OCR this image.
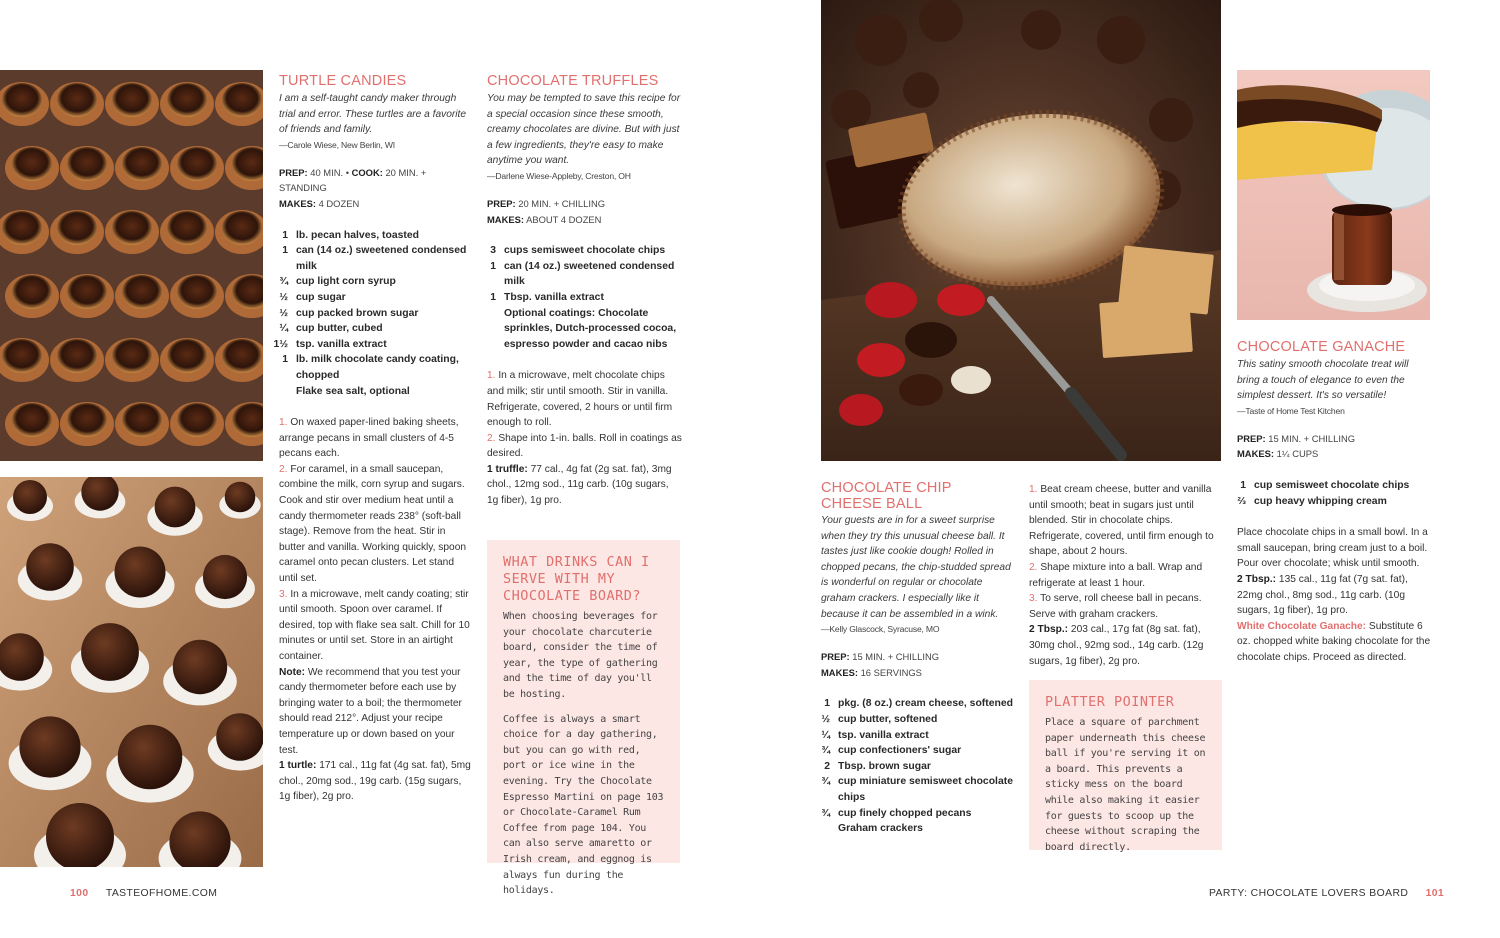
TURTLE CANDIES

I am a self-taught candy maker through trial and error. These turtles are a favorite of friends and family.

—Carole Wiese, New Berlin, WI

PREP: 40 MIN. • COOK: 20 MIN. + STANDING

MAKES: 4 DOZEN

1 lb. pecan halves, toasted
1 can (14 oz.) sweetened condensed milk
¾ cup light corn syrup
½ cup sugar
½ cup packed brown sugar
¼ cup butter, cubed
1½ tsp. vanilla extract
1 lb. milk chocolate candy coating, chopped
Flake sea salt, optional

1. On waxed paper-lined baking sheets, arrange pecans in small clusters of 4-5 pecans each.

2. For caramel, in a small saucepan, combine the milk, corn syrup and sugars. Cook and stir over medium heat until a candy thermometer reads 238° (soft-ball stage). Remove from the heat. Stir in butter and vanilla. Working quickly, spoon caramel onto pecan clusters. Let stand until set.

3. In a microwave, melt candy coating; stir until smooth. Spoon over caramel. If desired, top with flake sea salt. Chill for 10 minutes or until set. Store in an airtight container.

Note: We recommend that you test your candy thermometer before each use by bringing water to a boil; the thermometer should read 212°. Adjust your recipe temperature up or down based on your test.

1 turtle: 171 cal., 11g fat (4g sat. fat), 5mg chol., 20mg sod., 19g carb. (15g sugars, 1g fiber), 2g pro.

CHOCOLATE TRUFFLES

You may be tempted to save this recipe for a special occasion since these smooth, creamy chocolates are divine. But with just a few ingredients, they're easy to make anytime you want.

—Darlene Wiese-Appleby, Creston, OH

PREP: 20 MIN. + CHILLING

MAKES: ABOUT 4 DOZEN

3 cups semisweet chocolate chips
1 can (14 oz.) sweetened condensed milk
1 Tbsp. vanilla extract
Optional coatings: Chocolate sprinkles, Dutch-processed cocoa, espresso powder and cacao nibs

1. In a microwave, melt chocolate chips and milk; stir until smooth. Stir in vanilla. Refrigerate, covered, 2 hours or until firm enough to roll.

2. Shape into 1-in. balls. Roll in coatings as desired.

1 truffle: 77 cal., 4g fat (2g sat. fat), 3mg chol., 12mg sod., 11g carb. (10g sugars, 1g fiber), 1g pro.

WHAT DRINKS CAN I SERVE WITH MY CHOCOLATE BOARD?

When choosing beverages for your chocolate charcuterie board, consider the time of year, the type of gathering and the time of day you'll be hosting.

Coffee is always a smart choice for a day gathering, but you can go with red, port or ice wine in the evening. Try the Chocolate Espresso Martini on page 103 or Chocolate-Caramel Rum Coffee from page 104. You can also serve amaretto or Irish cream, and eggnog is always fun during the holidays.

100 TASTEOFHOME.COM
CHOCOLATE CHIP
CHEESE BALL

Your guests are in for a sweet surprise when they try this unusual cheese ball. It tastes just like cookie dough! Rolled in chopped pecans, the chip-studded spread is wonderful on regular or chocolate graham crackers. I especially like it because it can be assembled in a wink.

—Kelly Glascock, Syracuse, MO

PREP: 15 MIN. + CHILLING

MAKES: 16 SERVINGS

1 pkg. (8 oz.) cream cheese, softened
½ cup butter, softened
¼ tsp. vanilla extract
¾ cup confectioners' sugar
2 Tbsp. brown sugar
¾ cup miniature semisweet chocolate chips
¾ cup finely chopped pecans
Graham crackers

1. Beat cream cheese, butter and vanilla until smooth; beat in sugars just until blended. Stir in chocolate chips. Refrigerate, covered, until firm enough to shape, about 2 hours.

2. Shape mixture into a ball. Wrap and refrigerate at least 1 hour.

3. To serve, roll cheese ball in pecans. Serve with graham crackers.

2 Tbsp.: 203 cal., 17g fat (8g sat. fat), 30mg chol., 92mg sod., 14g carb. (12g sugars, 1g fiber), 2g pro.

PLATTER POINTER

Place a square of parchment paper underneath this cheese ball if you're serving it on a board. This prevents a sticky mess on the board while also making it easier for guests to scoop up the cheese without scraping the board directly.

CHOCOLATE GANACHE

This satiny smooth chocolate treat will bring a touch of elegance to even the simplest dessert. It's so versatile!

—Taste of Home Test Kitchen

PREP: 15 MIN. + CHILLING

MAKES: 1¼ CUPS

1 cup semisweet chocolate chips
⅔ cup heavy whipping cream

Place chocolate chips in a small bowl. In a small saucepan, bring cream just to a boil. Pour over chocolate; whisk until smooth.

2 Tbsp.: 135 cal., 11g fat (7g sat. fat), 22mg chol., 8mg sod., 11g carb. (10g sugars, 1g fiber), 1g pro.

White Chocolate Ganache: Substitute 6 oz. chopped white baking chocolate for the chocolate chips. Proceed as directed.

PARTY: CHOCOLATE LOVERS BOARD 101
